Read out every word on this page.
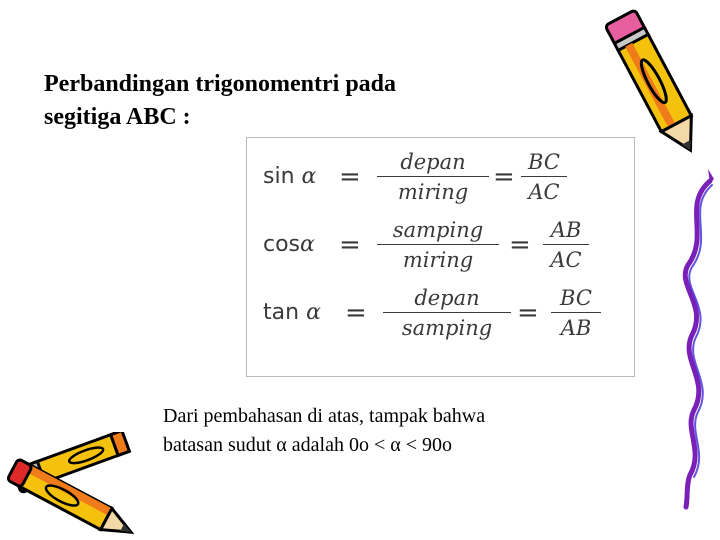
Perbandingan trigonomentri pada
segitiga ABC :
sin α =	depan
miring = $\frac{BC}{AC}$
cosα =	samping
miring	= $\frac{AB}{AC}$
tan α =	depan
samping = $\frac{BC}{AB}$
Dari pembahasan di atas, tampak bahwa
batasan sudut α adalah 0o < α < 90o
